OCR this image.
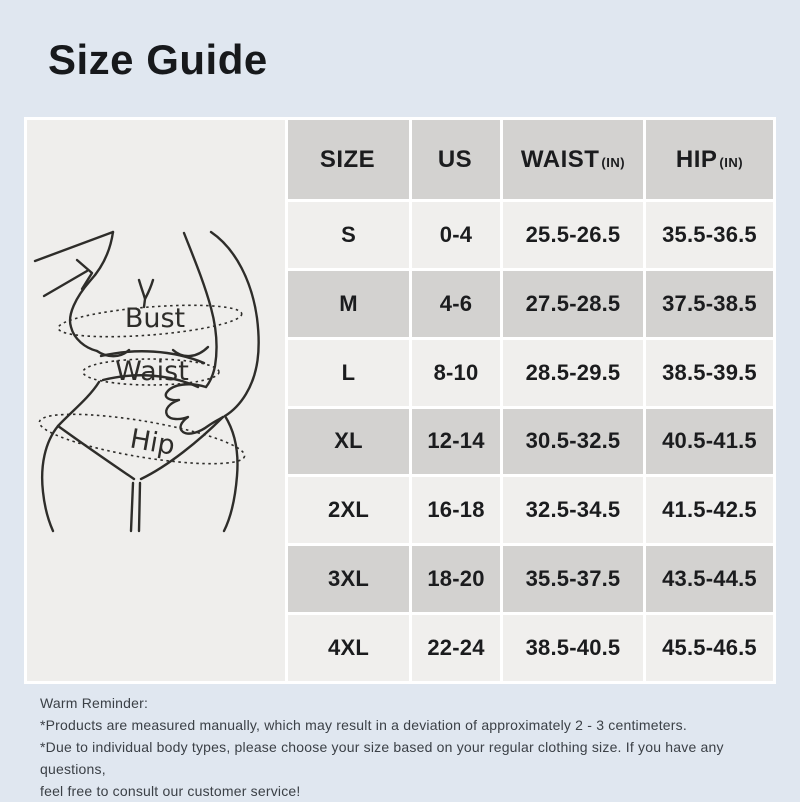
Size Guide
Bust
Waist
Hip
SIZE	US WAIST (IN) HIP (IN)
S	0-4	25.5-26.5	35.5-36.5
M	4-6	27.5-28.5	37.5-38.5
L	8-10	28.5-29.5	38.5-39.5
XL	12-14	30.5-32.5	40.5-41.5
2XL	16-18	32.5-34.5	41.5-42.5
3XL	18-20	35.5-37.5	43.5-44.5
4XL	22-24	38.5-40.5	45.5-46.5
Warm Reminder:
*Products are measured manually, which may result in a deviation of approximately 2 - 3 centimeters.
*Due to individual body types, please choose your size based on your regular clothing size. If you have any questions,
feel free to consult our customer service!
